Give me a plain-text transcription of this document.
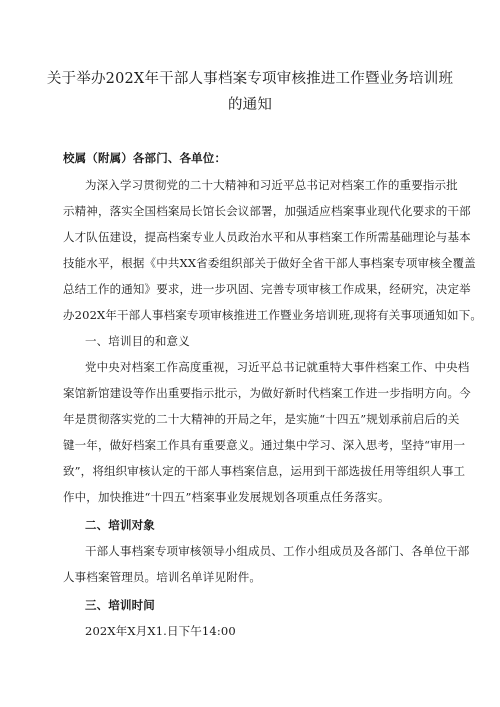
关于举办202X年干部人事档案专项审核推进工作暨业务培训班
的通知
校属（附属）各部门、各单位：
为深入学习贯彻党的二十大精神和习近平总书记对档案工作的重要指示批
示精神，落实全国档案局长馆长会议部署，加强适应档案事业现代化要求的干部
人才队伍建设，提高档案专业人员政治水平和从事档案工作所需基础理论与基本
技能水平，根据《中共XX省委组织部关于做好全省干部人事档案专项审核全覆盖
总结工作的通知》要求，进一步巩固、完善专项审核工作成果，经研究，决定举
办202X年干部人事档案专项审核推进工作暨业务培训班,现将有关事项通知如下。
一、培训目的和意义
党中央对档案工作高度重视，习近平总书记就重特大事件档案工作、中央档
案馆新馆建设等作出重要指示批示，为做好新时代档案工作进一步指明方向。今
年是贯彻落实党的二十大精神的开局之年，是实施“十四五”规划承前启后的关
键一年，做好档案工作具有重要意义。通过集中学习、深入思考，坚持“审用一
致”，将组织审核认定的干部人事档案信息，运用到干部选拔任用等组织人事工
作中，加快推进“十四五”档案事业发展规划各项重点任务落实。
二、培训对象
干部人事档案专项审核领导小组成员、工作小组成员及各部门、各单位干部
人事档案管理员。培训名单详见附件。
三、培训时间
202X年X月X1.日下午14:00
